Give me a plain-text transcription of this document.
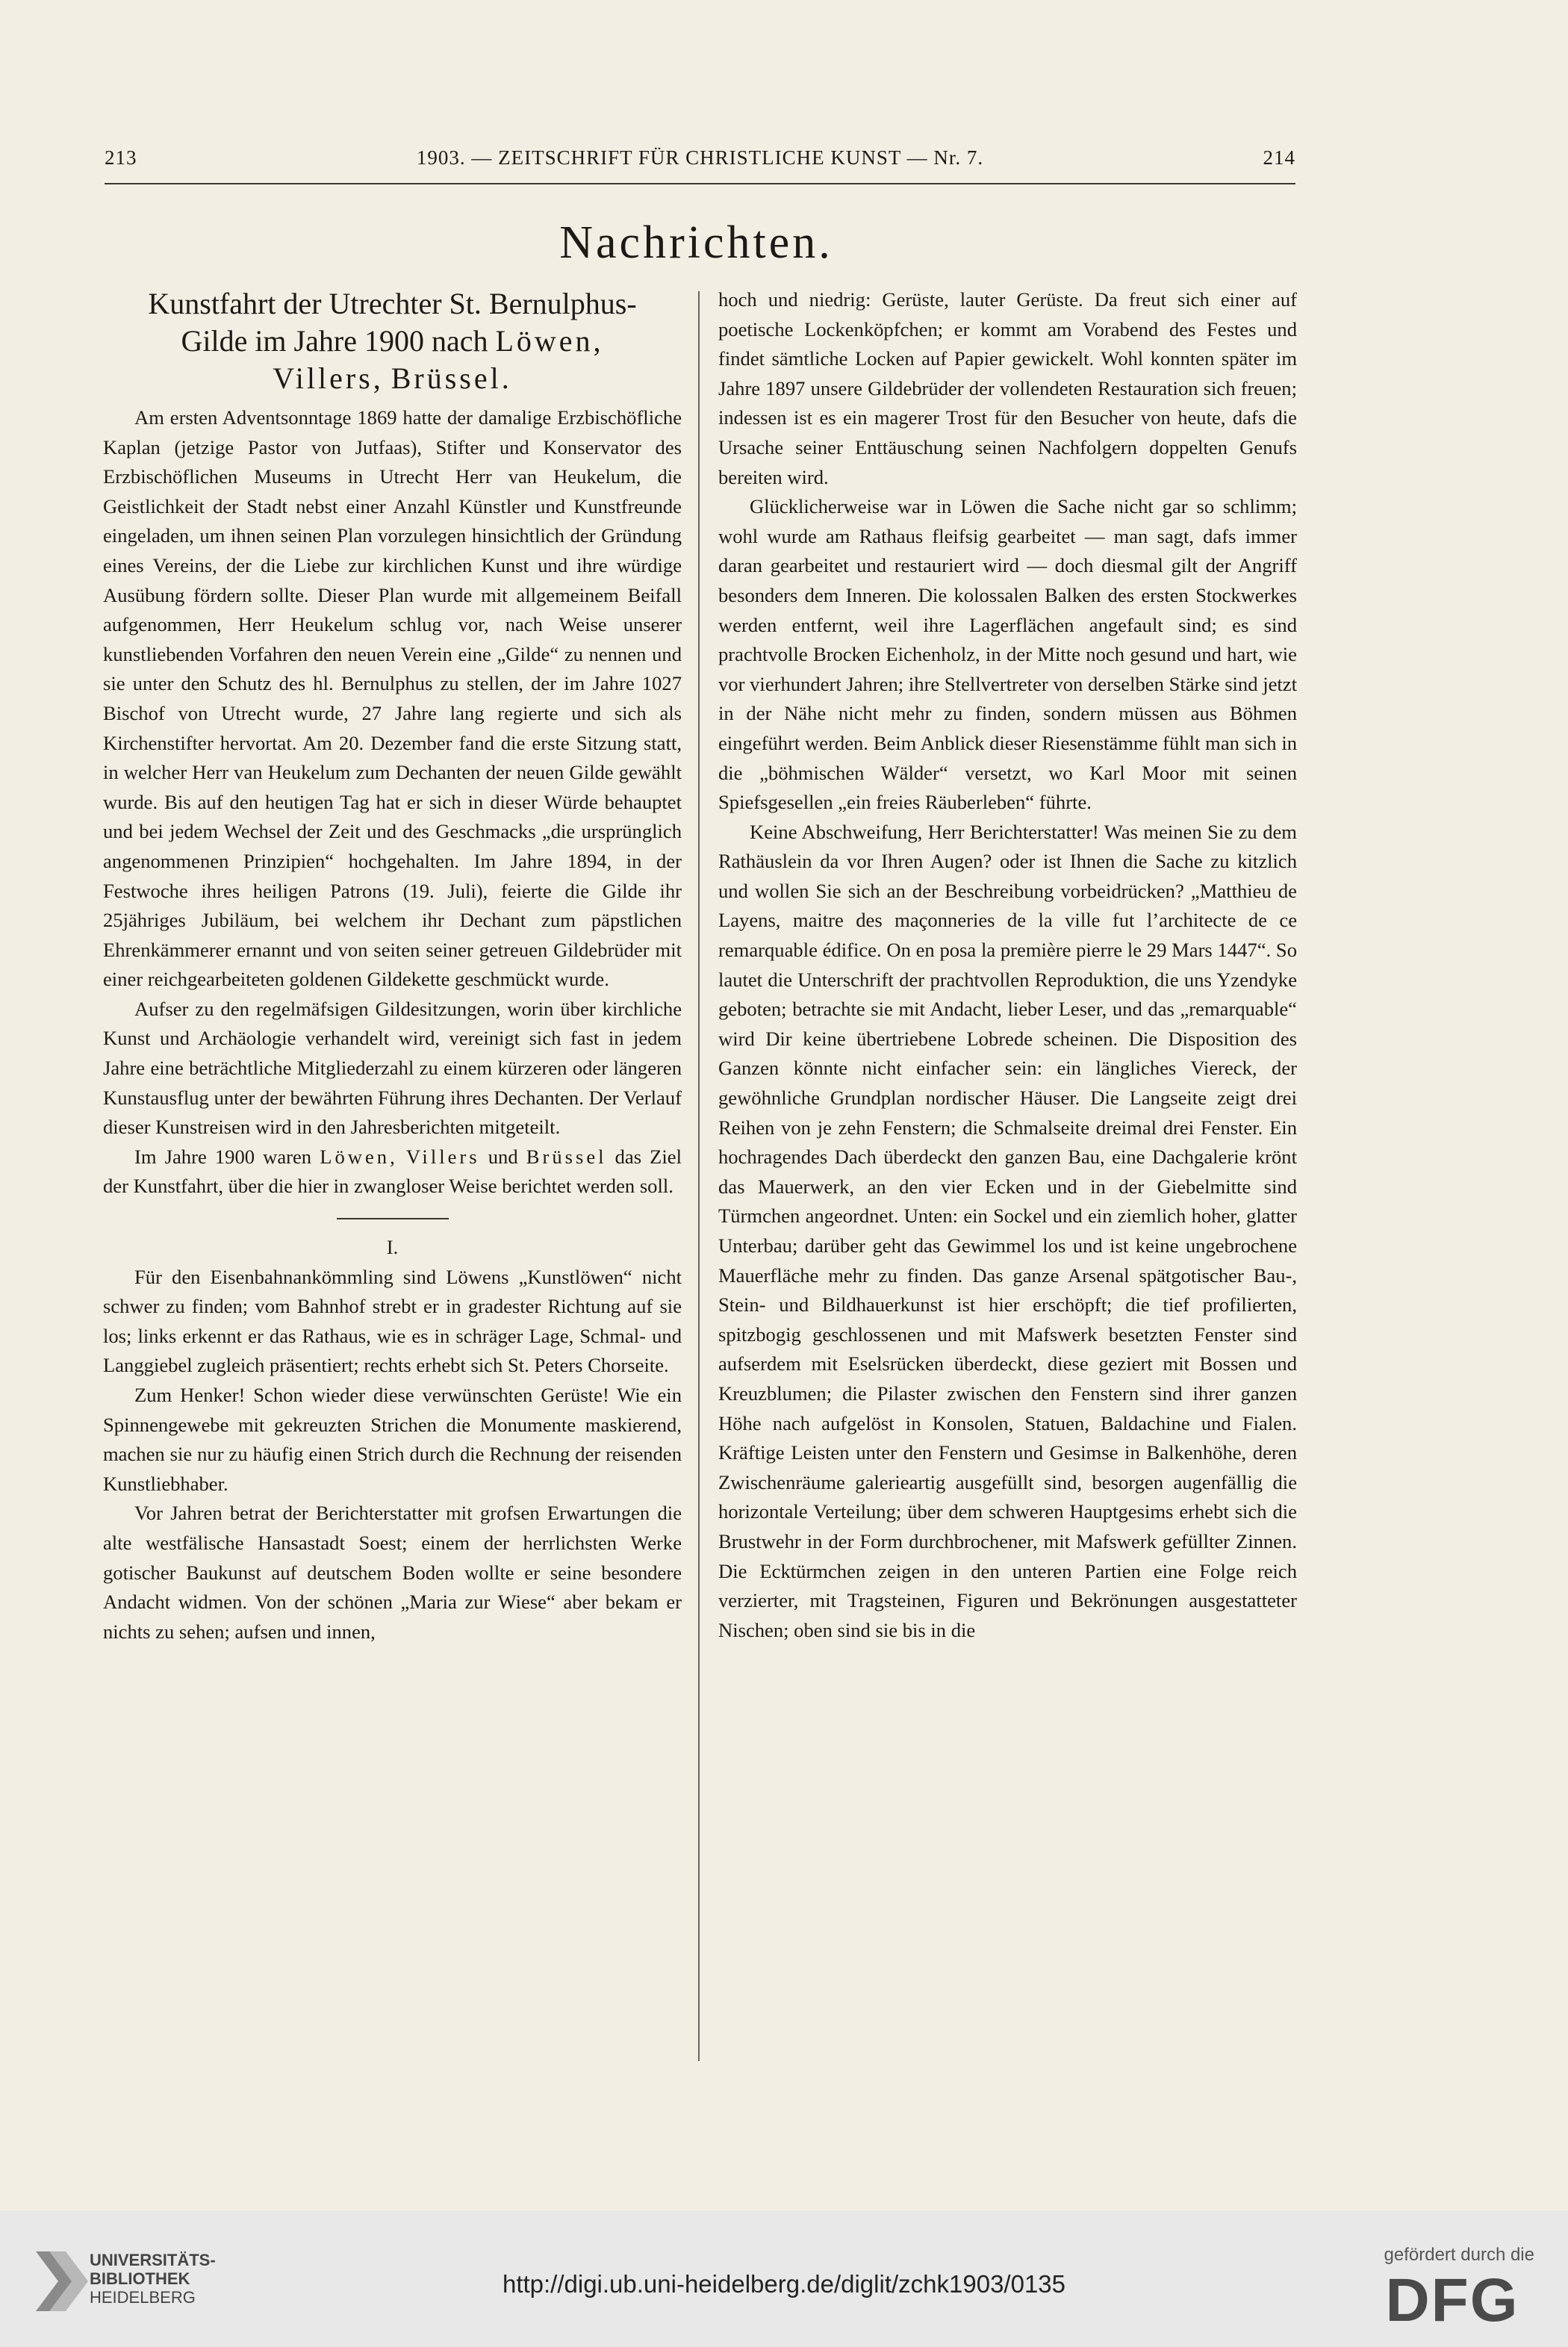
213	1903. — ZEITSCHRIFT FÜR CHRISTLICHE KUNST — Nr. 7.	214
Nachrichten.
Kunstfahrt der Utrechter St. Bernulphus-
Gilde im Jahre 1900 nach Löwen,
Villers, Brüssel.

Am ersten Adventsonntage 1869 hatte der damalige Erzbischöfliche Kaplan (jetzige Pastor von Jutfaas), Stifter und Konservator des Erzbischöflichen Museums in Utrecht Herr van Heukelum, die Geistlichkeit der Stadt nebst einer Anzahl Künstler und Kunstfreunde eingeladen, um ihnen seinen Plan vorzulegen hinsichtlich der Gründung eines Vereins, der die Liebe zur kirchlichen Kunst und ihre würdige Ausübung fördern sollte. Dieser Plan wurde mit allgemeinem Beifall aufgenommen, Herr Heukelum schlug vor, nach Weise unserer kunstliebenden Vorfahren den neuen Verein eine „Gilde“ zu nennen und sie unter den Schutz des hl. Bernulphus zu stellen, der im Jahre 1027 Bischof von Utrecht wurde, 27 Jahre lang regierte und sich als Kirchenstifter hervortat. Am 20. Dezember fand die erste Sitzung statt, in welcher Herr van Heukelum zum Dechanten der neuen Gilde gewählt wurde. Bis auf den heutigen Tag hat er sich in dieser Würde behauptet und bei jedem Wechsel der Zeit und des Geschmacks „die ursprünglich angenommenen Prinzipien“ hochgehalten. Im Jahre 1894, in der Festwoche ihres heiligen Patrons (19. Juli), feierte die Gilde ihr 25jähriges Jubiläum, bei welchem ihr Dechant zum päpstlichen Ehrenkämmerer ernannt und von seiten seiner getreuen Gildebrüder mit einer reichgearbeiteten goldenen Gildekette geschmückt wurde.

Aufser zu den regelmäfsigen Gildesitzungen, worin über kirchliche Kunst und Archäologie verhandelt wird, vereinigt sich fast in jedem Jahre eine beträchtliche Mitgliederzahl zu einem kürzeren oder längeren Kunstausflug unter der bewährten Führung ihres Dechanten. Der Verlauf dieser Kunstreisen wird in den Jahresberichten mitgeteilt.

Im Jahre 1900 waren Löwen, Villers und Brüssel das Ziel der Kunstfahrt, über die hier in zwangloser Weise berichtet werden soll.

I.

Für den Eisenbahnankömmling sind Löwens „Kunstlöwen“ nicht schwer zu finden; vom Bahnhof strebt er in gradester Richtung auf sie los; links erkennt er das Rathaus, wie es in schräger Lage, Schmal- und Langgiebel zugleich präsentiert; rechts erhebt sich St. Peters Chorseite.

Zum Henker! Schon wieder diese verwünschten Gerüste! Wie ein Spinnengewebe mit gekreuzten Strichen die Monumente maskierend, machen sie nur zu häufig einen Strich durch die Rechnung der reisenden Kunstliebhaber.

Vor Jahren betrat der Berichterstatter mit grofsen Erwartungen die alte westfälische Hansastadt Soest; einem der herrlichsten Werke gotischer Baukunst auf deutschem Boden wollte er seine besondere Andacht widmen. Von der schönen „Maria zur Wiese“ aber bekam er nichts zu sehen; aufsen und innen,

hoch und niedrig: Gerüste, lauter Gerüste. Da freut sich einer auf poetische Lockenköpfchen; er kommt am Vorabend des Festes und findet sämtliche Locken auf Papier gewickelt. Wohl konnten später im Jahre 1897 unsere Gildebrüder der vollendeten Restauration sich freuen; indessen ist es ein magerer Trost für den Besucher von heute, dafs die Ursache seiner Enttäuschung seinen Nachfolgern doppelten Genufs bereiten wird.

Glücklicherweise war in Löwen die Sache nicht gar so schlimm; wohl wurde am Rathaus fleifsig gearbeitet — man sagt, dafs immer daran gearbeitet und restauriert wird — doch diesmal gilt der Angriff besonders dem Inneren. Die kolossalen Balken des ersten Stockwerkes werden entfernt, weil ihre Lagerflächen angefault sind; es sind prachtvolle Brocken Eichenholz, in der Mitte noch gesund und hart, wie vor vierhundert Jahren; ihre Stellvertreter von derselben Stärke sind jetzt in der Nähe nicht mehr zu finden, sondern müssen aus Böhmen eingeführt werden. Beim Anblick dieser Riesenstämme fühlt man sich in die „böhmischen Wälder“ versetzt, wo Karl Moor mit seinen Spiefsgesellen „ein freies Räuberleben“ führte.

Keine Abschweifung, Herr Berichterstatter! Was meinen Sie zu dem Rathäuslein da vor Ihren Augen? oder ist Ihnen die Sache zu kitzlich und wollen Sie sich an der Beschreibung vorbeidrücken? „Matthieu de Layens, maitre des maçonneries de la ville fut l’architecte de ce remarquable édifice. On en posa la première pierre le 29 Mars 1447“. So lautet die Unterschrift der prachtvollen Reproduktion, die uns Yzendyke geboten; betrachte sie mit Andacht, lieber Leser, und das „remarquable“ wird Dir keine übertriebene Lobrede scheinen. Die Disposition des Ganzen könnte nicht einfacher sein: ein längliches Viereck, der gewöhnliche Grundplan nordischer Häuser. Die Langseite zeigt drei Reihen von je zehn Fenstern; die Schmalseite dreimal drei Fenster. Ein hochragendes Dach überdeckt den ganzen Bau, eine Dachgalerie krönt das Mauerwerk, an den vier Ecken und in der Giebelmitte sind Türmchen angeordnet. Unten: ein Sockel und ein ziemlich hoher, glatter Unterbau; darüber geht das Gewimmel los und ist keine ungebrochene Mauerfläche mehr zu finden. Das ganze Arsenal spätgotischer Bau-, Stein- und Bildhauerkunst ist hier erschöpft; die tief profilierten, spitzbogig geschlossenen und mit Mafswerk besetzten Fenster sind aufserdem mit Eselsrücken überdeckt, diese geziert mit Bossen und Kreuzblumen; die Pilaster zwischen den Fenstern sind ihrer ganzen Höhe nach aufgelöst in Konsolen, Statuen, Baldachine und Fialen. Kräftige Leisten unter den Fenstern und Gesimse in Balkenhöhe, deren Zwischenräume galerieartig ausgefüllt sind, besorgen augenfällig die horizontale Verteilung; über dem schweren Hauptgesims erhebt sich die Brustwehr in der Form durchbrochener, mit Mafswerk gefüllter Zinnen. Die Ecktürmchen zeigen in den unteren Partien eine Folge reich verzierter, mit Tragsteinen, Figuren und Bekrönungen ausgestatteter Nischen; oben sind sie bis in die

UNIVERSITÄTS-
BIBLIOTHEK
HEIDELBERG	http://digi.ub.uni-heidelberg.de/diglit/zchk1903/0135
gefördert durch die
DFG
